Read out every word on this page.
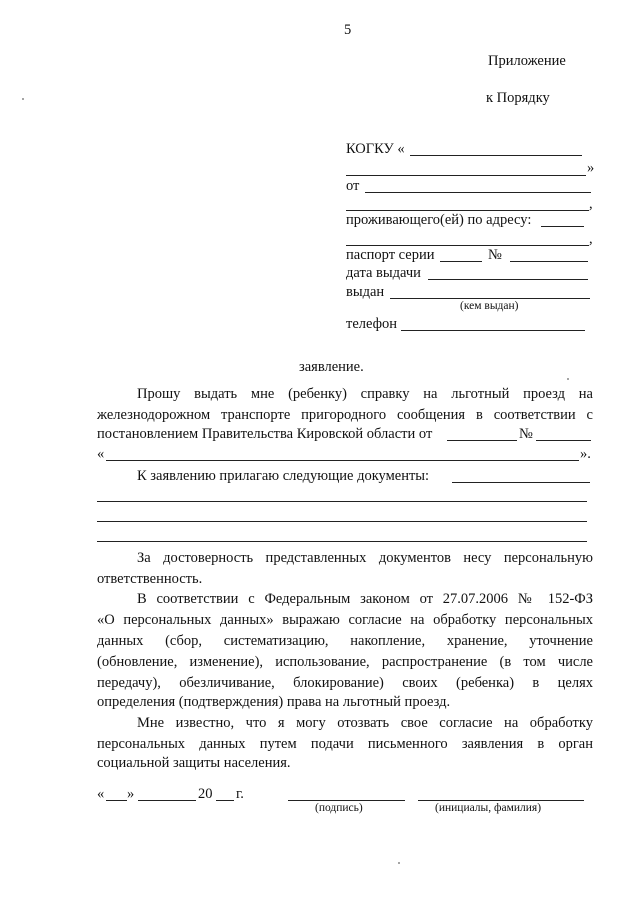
5
Приложение
к Порядку
КОГКУ «
»
от
,
проживающего(ей) по адресу:
,
паспорт серии	№
дата выдачи
выдан
(кем выдан)
телефон
заявление.
Прошу выдать мне (ребенку) справку на льготный проезд на
железнодорожном транспорте пригородного сообщения в соответствии с
постановлением Правительства Кировской области от	№
«	».
К заявлению прилагаю следующие документы:
За достоверность представленных документов несу персональную
ответственность.
В соответствии с Федеральным законом от 27.07.2006 № 152-ФЗ
«О персональных данных» выражаю согласие на обработку персональных
данных (сбор, систематизацию, накопление, хранение, уточнение
(обновление, изменение), использование, распространение (в том числе
передачу), обезличивание, блокирование) своих (ребенка) в целях
определения (подтверждения) права на льготный проезд.
Мне известно, что я могу отозвать свое согласие на обработку
персональных данных путем подачи письменного заявления в орган
социальной защиты населения.
« »	20 г.
(подпись)	(инициалы, фамилия)
